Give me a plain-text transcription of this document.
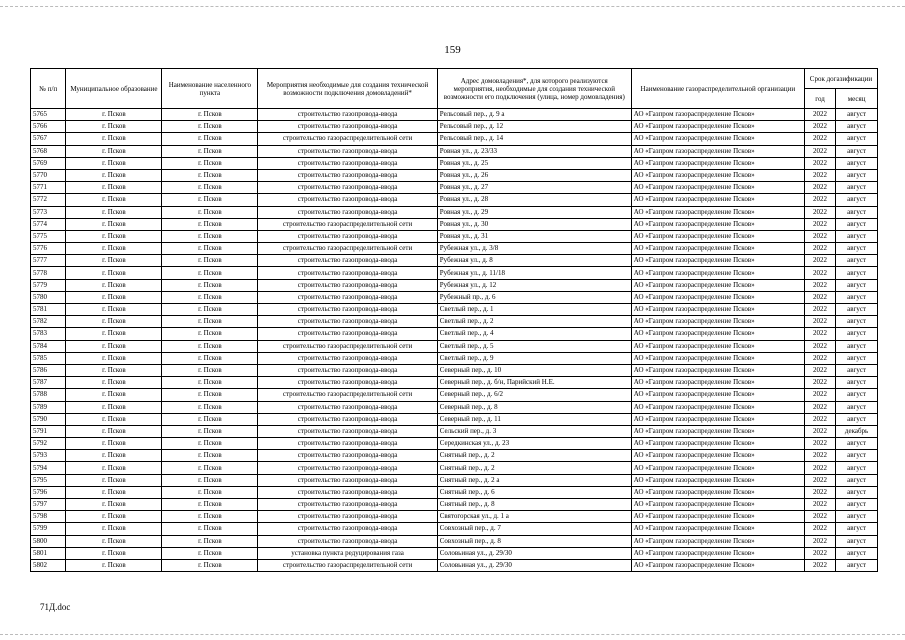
159
№ п/п	Муниципальное образование	Наименование населенного пункта	Мероприятия необходимые для создания технической возможности подключения домовладений*	Адрес домовладения*, для которого реализуются мероприятия, необходимые для создания технической возможности его подключения (улица, номер домовладения)	Наименование газораспределительной организации	Срок догазификации	
						год	месяц
5765	г. Псков	г. Псков	строительство газопровода-ввода	Рельсовый пер., д. 9 а	АО «Газпром газораспределение Псков»	2022	август
5766	г. Псков	г. Псков	строительство газопровода-ввода	Рельсовый пер., д. 12	АО «Газпром газораспределение Псков»	2022	август
5767	г. Псков	г. Псков	строительство газораспределительной сети	Рельсовый пер., д. 14	АО «Газпром газораспределение Псков»	2022	август
5768	г. Псков	г. Псков	строительство газопровода-ввода	Ровная ул., д. 23/33	АО «Газпром газораспределение Псков»	2022	август
5769	г. Псков	г. Псков	строительство газопровода-ввода	Ровная ул., д. 25	АО «Газпром газораспределение Псков»	2022	август
5770	г. Псков	г. Псков	строительство газопровода-ввода	Ровная ул., д. 26	АО «Газпром газораспределение Псков»	2022	август
5771	г. Псков	г. Псков	строительство газопровода-ввода	Ровная ул., д. 27	АО «Газпром газораспределение Псков»	2022	август
5772	г. Псков	г. Псков	строительство газопровода-ввода	Ровная ул., д. 28	АО «Газпром газораспределение Псков»	2022	август
5773	г. Псков	г. Псков	строительство газопровода-ввода	Ровная ул., д. 29	АО «Газпром газораспределение Псков»	2022	август
5774	г. Псков	г. Псков	строительство газораспределительной сети	Ровная ул., д. 30	АО «Газпром газораспределение Псков»	2022	август
5775	г. Псков	г. Псков	строительство газопровода-ввода	Ровная ул., д. 31	АО «Газпром газораспределение Псков»	2022	август
5776	г. Псков	г. Псков	строительство газораспределительной сети	Рубежная ул., д. 3/8	АО «Газпром газораспределение Псков»	2022	август
5777	г. Псков	г. Псков	строительство газопровода-ввода	Рубежная ул., д. 8	АО «Газпром газораспределение Псков»	2022	август
5778	г. Псков	г. Псков	строительство газопровода-ввода	Рубежная ул., д. 11/18	АО «Газпром газораспределение Псков»	2022	август
5779	г. Псков	г. Псков	строительство газопровода-ввода	Рубежная ул., д. 12	АО «Газпром газораспределение Псков»	2022	август
5780	г. Псков	г. Псков	строительство газопровода-ввода	Рубежный пр., д. 6	АО «Газпром газораспределение Псков»	2022	август
5781	г. Псков	г. Псков	строительство газопровода-ввода	Светлый пер., д. 1	АО «Газпром газораспределение Псков»	2022	август
5782	г. Псков	г. Псков	строительство газопровода-ввода	Светлый пер., д. 2	АО «Газпром газораспределение Псков»	2022	август
5783	г. Псков	г. Псков	строительство газопровода-ввода	Светлый пер., д. 4	АО «Газпром газораспределение Псков»	2022	август
5784	г. Псков	г. Псков	строительство газораспределительной сети	Светлый пер., д. 5	АО «Газпром газораспределение Псков»	2022	август
5785	г. Псков	г. Псков	строительство газопровода-ввода	Светлый пер., д. 9	АО «Газпром газораспределение Псков»	2022	август
5786	г. Псков	г. Псков	строительство газопровода-ввода	Северный пер., д. 10	АО «Газпром газораспределение Псков»	2022	август
5787	г. Псков	г. Псков	строительство газопровода-ввода	Северный пер., д. б/н, Парийский Н.Е.	АО «Газпром газораспределение Псков»	2022	август
5788	г. Псков	г. Псков	строительство газораспределительной сети	Северный пер., д. 6/2	АО «Газпром газораспределение Псков»	2022	август
5789	г. Псков	г. Псков	строительство газопровода-ввода	Северный пер., д. 8	АО «Газпром газораспределение Псков»	2022	август
5790	г. Псков	г. Псков	строительство газопровода-ввода	Северный пер., д. 11	АО «Газпром газораспределение Псков»	2022	август
5791	г. Псков	г. Псков	строительство газопровода-ввода	Сельский пер., д. 3	АО «Газпром газораспределение Псков»	2022	декабрь
5792	г. Псков	г. Псков	строительство газопровода-ввода	Середкинская ул., д. 23	АО «Газпром газораспределение Псков»	2022	август
5793	г. Псков	г. Псков	строительство газопровода-ввода	Снятный пер., д. 2	АО «Газпром газораспределение Псков»	2022	август
5794	г. Псков	г. Псков	строительство газопровода-ввода	Снятный пер., д. 2	АО «Газпром газораспределение Псков»	2022	август
5795	г. Псков	г. Псков	строительство газопровода-ввода	Снятный пер., д. 2 а	АО «Газпром газораспределение Псков»	2022	август
5796	г. Псков	г. Псков	строительство газопровода-ввода	Снятный пер., д. 6	АО «Газпром газораспределение Псков»	2022	август
5797	г. Псков	г. Псков	строительство газопровода-ввода	Снятный пер., д. 8	АО «Газпром газораспределение Псков»	2022	август
5798	г. Псков	г. Псков	строительство газопровода-ввода	Святогорская ул., д. 1 а	АО «Газпром газораспределение Псков»	2022	август
5799	г. Псков	г. Псков	строительство газопровода-ввода	Совхозный пер., д. 7	АО «Газпром газораспределение Псков»	2022	август
5800	г. Псков	г. Псков	строительство газопровода-ввода	Совхозный пер., д. 8	АО «Газпром газораспределение Псков»	2022	август
5801	г. Псков	г. Псков	установка пункта редуцирования газа	Соловьиная ул., д. 29/30	АО «Газпром газораспределение Псков»	2022	август
5802	г. Псков	г. Псков	строительство газораспределительной сети	Соловьиная ул., д. 29/30	АО «Газпром газораспределение Псков»	2022	август
71Д.doc
